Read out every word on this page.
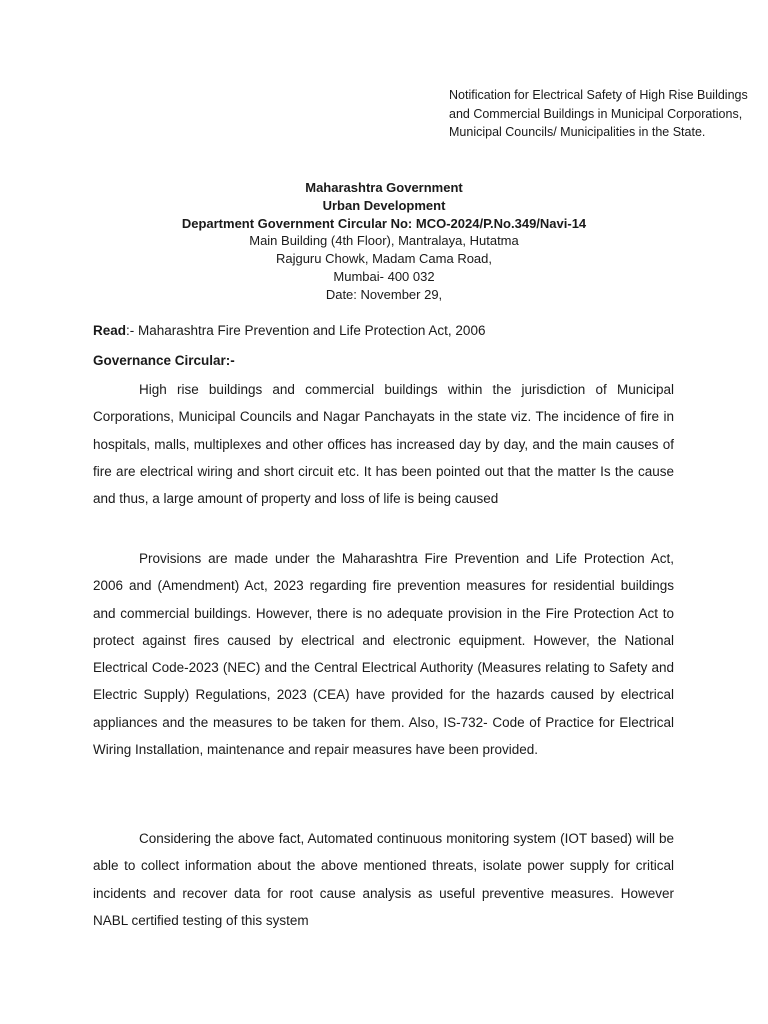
Notification for Electrical Safety of High Rise Buildings and Commercial Buildings in Municipal Corporations, Municipal Councils/ Municipalities in the State.
Maharashtra Government
Urban Development
Department Government Circular No: MCO-2024/P.No.349/Navi-14
Main Building (4th Floor), Mantralaya, Hutatma
Rajguru Chowk, Madam Cama Road,
Mumbai- 400 032
Date: November 29,
Read:- Maharashtra Fire Prevention and Life Protection Act, 2006
Governance Circular:-

High rise buildings and commercial buildings within the jurisdiction of Municipal Corporations, Municipal Councils and Nagar Panchayats in the state viz. The incidence of fire in hospitals, malls, multiplexes and other offices has increased day by day, and the main causes of fire are electrical wiring and short circuit etc. It has been pointed out that the matter Is the cause and thus, a large amount of property and loss of life is being caused

Provisions are made under the Maharashtra Fire Prevention and Life Protection Act, 2006 and (Amendment) Act, 2023 regarding fire prevention measures for residential buildings and commercial buildings. However, there is no adequate provision in the Fire Protection Act to protect against fires caused by electrical and electronic equipment. However, the National Electrical Code-2023 (NEC) and the Central Electrical Authority (Measures relating to Safety and Electric Supply) Regulations, 2023 (CEA) have provided for the hazards caused by electrical appliances and the measures to be taken for them. Also, IS-732- Code of Practice for Electrical Wiring Installation, maintenance and repair measures have been provided.

Considering the above fact, Automated continuous monitoring system (IOT based) will be able to collect information about the above mentioned threats, isolate power supply for critical incidents and recover data for root cause analysis as useful preventive measures. However NABL certified testing of this system
